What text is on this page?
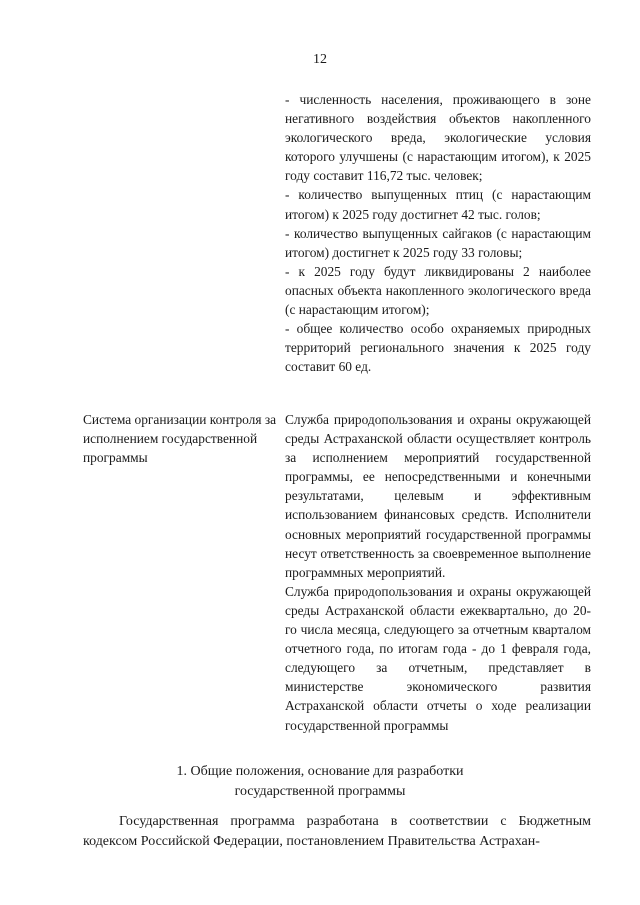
12

- численность населения, проживающего в зоне негативного воздействия объектов накопленного экологического вреда, экологические условия которого улучшены (с нарастающим итогом), к 2025 году составит 116,72 тыс. человек;

- количество выпущенных птиц (с нарастающим итогом) к 2025 году достигнет 42 тыс. голов;

- количество выпущенных сайгаков (с нарастающим итогом) достигнет к 2025 году 33 головы;

- к 2025 году будут ликвидированы 2 наиболее опасных объекта накопленного экологического вреда (с нарастающим итогом);

- общее количество особо охраняемых природных территорий регионального значения к 2025 году составит 60 ед.

Система организации контроля за исполнением государственной программы

Служба природопользования и охраны окружающей среды Астраханской области осуществляет контроль за исполнением мероприятий государственной программы, ее непосредственными и конечными результатами, целевым и эффективным использованием финансовых средств. Исполнители основных мероприятий государственной программы несут ответственность за своевременное выполнение программных мероприятий.

Служба природопользования и охраны окружающей среды Астраханской области ежеквартально, до 20-го числа месяца, следующего за отчетным кварталом отчетного года, по итогам года - до 1 февраля года, следующего за отчетным, представляет в министерстве экономического развития Астраханской области отчеты о ходе реализации государственной программы

1. Общие положения, основание для разработки
государственной программы

Государственная программа разработана в соответствии с Бюджетным кодексом Российской Федерации, постановлением Правительства Астрахан-
